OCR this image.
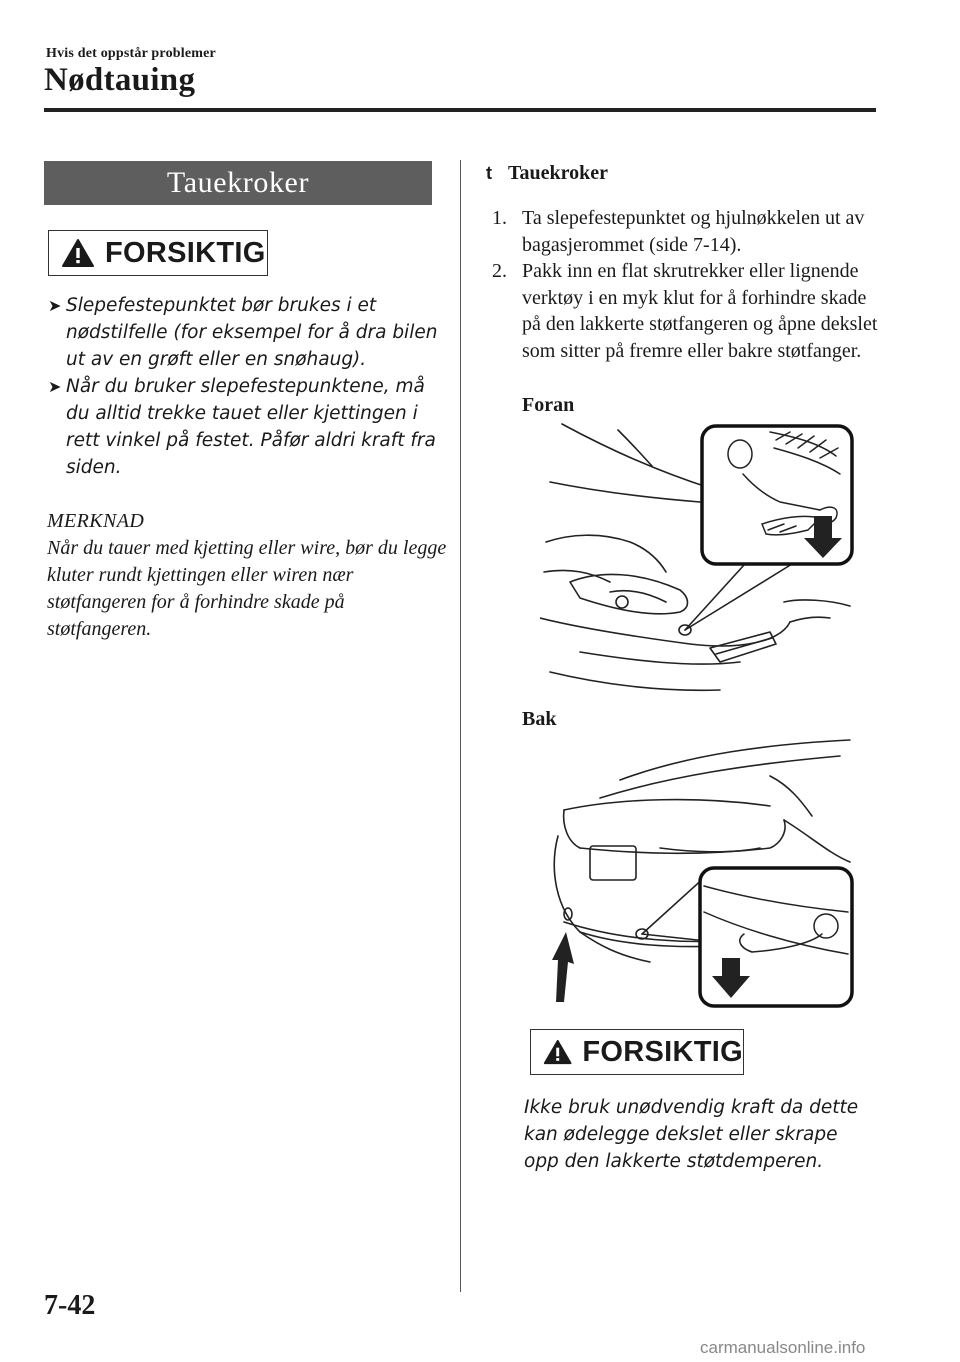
Hvis det oppstår problemer
Nødtauing
Tauekroker
FORSIKTIG
➤ Slepefestepunktet bør brukes i et nødstilfelle (for eksempel for å dra bilen ut av en grøft eller en snøhaug).
➤ Når du bruker slepefestepunktene, må du alltid trekke tauet eller kjettingen i rett vinkel på festet. Påfør aldri kraft fra siden.
MERKNAD
Når du tauer med kjetting eller wire, bør du legge kluter rundt kjettingen eller wiren nær støtfangeren for å forhindre skade på støtfangeren.
t Tauekroker
1. Ta slepefestepunktet og hjulnøkkelen ut av bagasjerommet (side 7-14).
2. Pakk inn en flat skrutrekker eller lignende verktøy i en myk klut for å forhindre skade på den lakkerte støtfangeren og åpne dekslet som sitter på fremre eller bakre støtfanger.
Foran
Bak
FORSIKTIG
Ikke bruk unødvendig kraft da dette kan ødelegge dekslet eller skrape opp den lakkerte støtdemperen.
7-42
carmanualsonline.info
